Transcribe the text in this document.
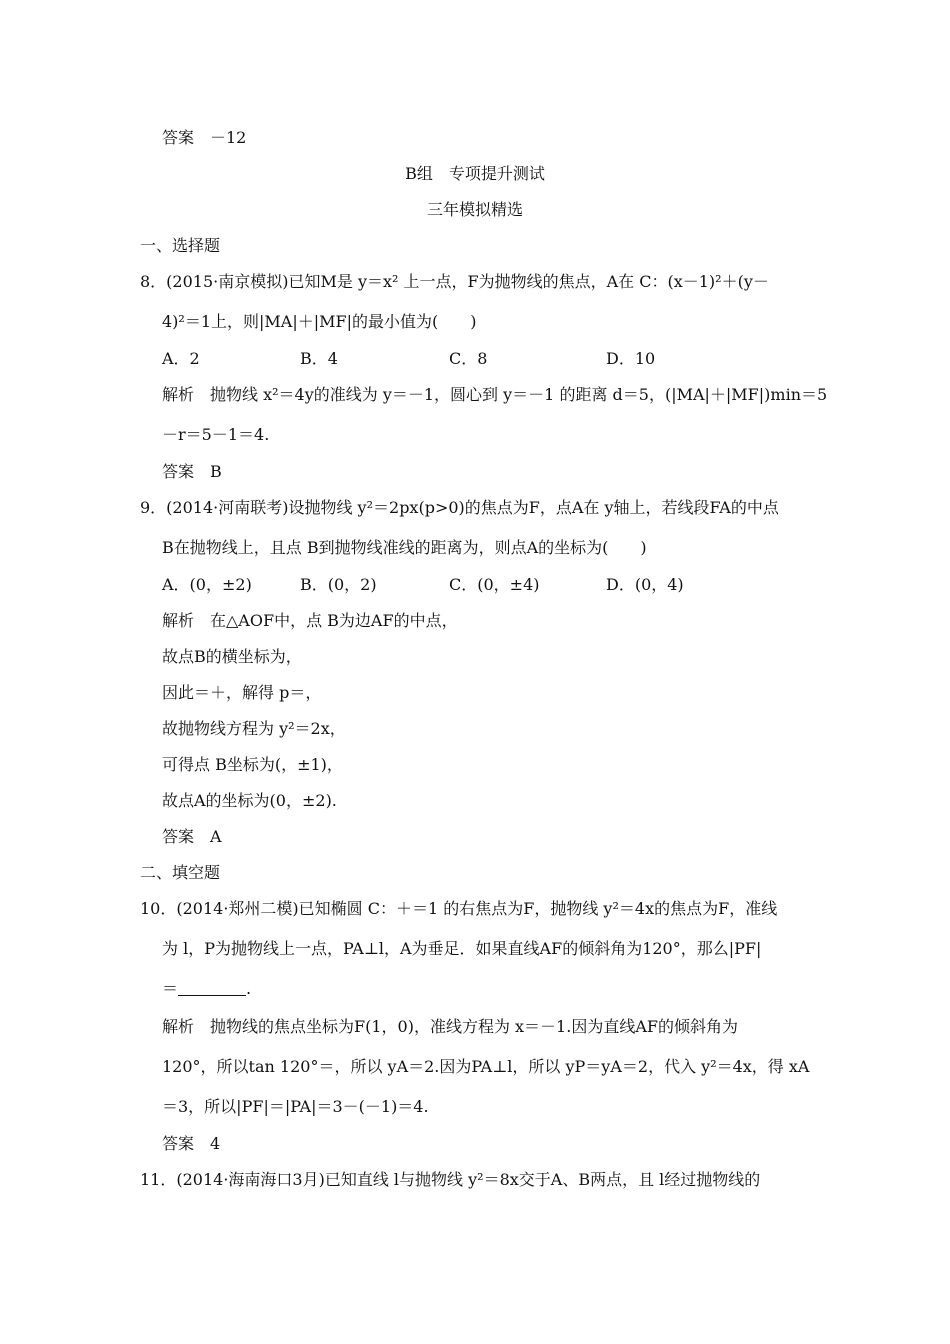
答案　－12
B组　专项提升测试
三年模拟精选
一、选择题
8．(2015·南京模拟)已知M是 y＝x² 上一点，F为抛物线的焦点，A在 C：(x－1)²＋(y－
4)²＝1上，则|MA|＋|MF|的最小值为(　　)
A．2	B．4	C．8	D．10
解析　抛物线 x²＝4y的准线为 y＝－1，圆心到 y＝－1 的距离 d＝5，(|MA|＋|MF|)min＝5
－r＝5－1＝4.
答案　B
9．(2014·河南联考)设抛物线 y²＝2px(p>0)的焦点为F，点A在 y轴上，若线段FA的中点
B在抛物线上，且点 B到抛物线准线的距离为，则点A的坐标为(　　)
A．(0，±2)	B．(0，2)	C．(0，±4)	D．(0，4)
解析　在△AOF中，点 B为边AF的中点，
故点B的横坐标为，
因此＝＋，解得 p＝，
故抛物线方程为 y²＝2x，
可得点 B坐标为(，±1)，
故点A的坐标为(0，±2).
答案　A
二、填空题
10．(2014·郑州二模)已知椭圆 C：＋＝1 的右焦点为F，抛物线 y²＝4x的焦点为F，准线
为 l，P为抛物线上一点，PA⊥l，A为垂足．如果直线AF的倾斜角为120°，那么|PF|
＝	.
解析　抛物线的焦点坐标为F(1，0)，准线方程为 x＝－1.因为直线AF的倾斜角为
120°，所以tan 120°＝，所以 yA＝2.因为PA⊥l，所以 yP＝yA＝2，代入 y²＝4x，得 xA
＝3，所以|PF|＝|PA|＝3－(－1)＝4.
答案　4
11．(2014·海南海口3月)已知直线 l与抛物线 y²＝8x交于A、B两点，且 l经过抛物线的
